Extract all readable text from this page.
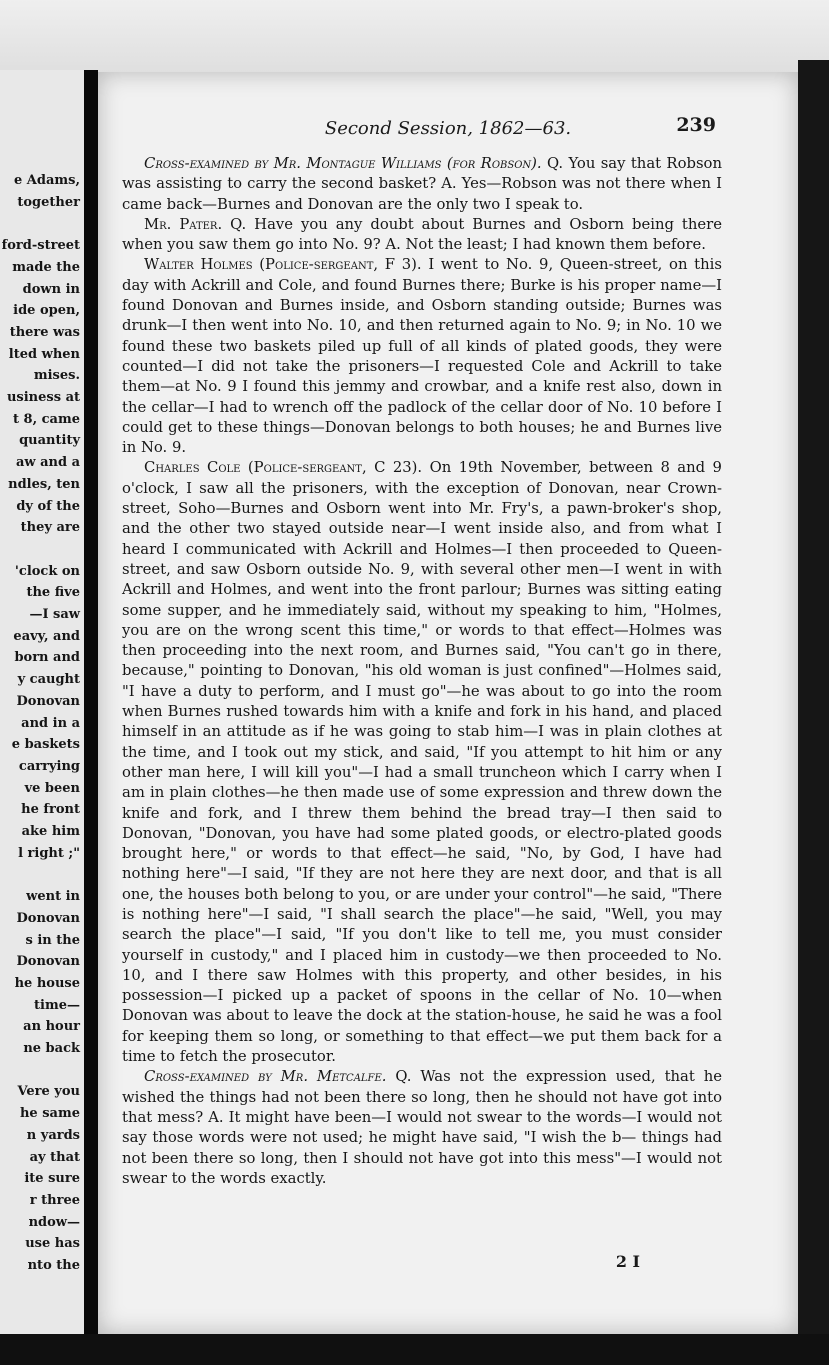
e Adams,
together
ford-street
made the
down in
ide open,
there was
lted when
mises.
usiness at
t 8, came
quantity
aw and a
ndles, ten
dy of the
they are
'clock on
the five
—I saw
eavy, and
born and
y caught
Donovan
and in a
e baskets
carrying
ve been
he front
ake him
l right ;"
went in
Donovan
s in the
Donovan
he house
time—
an hour
ne back
Vere you
he same
n yards
ay that
ite sure
r three
ndow—
use has
nto the
Second Session, 1862—63.	239

Cross-examined by Mr. Montague Williams (for Robson). Q. You say that Robson was assisting to carry the second basket? A. Yes—Robson was not there when I came back—Burnes and Donovan are the only two I speak to.

Mr. Pater. Q. Have you any doubt about Burnes and Osborn being there when you saw them go into No. 9? A. Not the least; I had known them before.

Walter Holmes (Police-sergeant, F 3). I went to No. 9, Queen-street, on this day with Ackrill and Cole, and found Burnes there; Burke is his proper name—I found Donovan and Burnes inside, and Osborn standing outside; Burnes was drunk—I then went into No. 10, and then returned again to No. 9; in No. 10 we found these two baskets piled up full of all kinds of plated goods, they were counted—I did not take the prisoners—I requested Cole and Ackrill to take them—at No. 9 I found this jemmy and crowbar, and a knife rest also, down in the cellar—I had to wrench off the padlock of the cellar door of No. 10 before I could get to these things—Donovan belongs to both houses; he and Burnes live in No. 9.

Charles Cole (Police-sergeant, C 23). On 19th November, between 8 and 9 o'clock, I saw all the prisoners, with the exception of Donovan, near Crown-street, Soho—Burnes and Osborn went into Mr. Fry's, a pawn-broker's shop, and the other two stayed outside near—I went inside also, and from what I heard I communicated with Ackrill and Holmes—I then proceeded to Queen-street, and saw Osborn outside No. 9, with several other men—I went in with Ackrill and Holmes, and went into the front parlour; Burnes was sitting eating some supper, and he immediately said, without my speaking to him, "Holmes, you are on the wrong scent this time," or words to that effect—Holmes was then proceeding into the next room, and Burnes said, "You can't go in there, because," pointing to Donovan, "his old woman is just confined"—Holmes said, "I have a duty to perform, and I must go"—he was about to go into the room when Burnes rushed towards him with a knife and fork in his hand, and placed himself in an attitude as if he was going to stab him—I was in plain clothes at the time, and I took out my stick, and said, "If you attempt to hit him or any other man here, I will kill you"—I had a small truncheon which I carry when I am in plain clothes—he then made use of some expression and threw down the knife and fork, and I threw them behind the bread tray—I then said to Donovan, "Donovan, you have had some plated goods, or electro-plated goods brought here," or words to that effect—he said, "No, by God, I have had nothing here"—I said, "If they are not here they are next door, and that is all one, the houses both belong to you, or are under your control"—he said, "There is nothing here"—I said, "I shall search the place"—he said, "Well, you may search the place"—I said, "If you don't like to tell me, you must consider yourself in custody," and I placed him in custody—we then proceeded to No. 10, and I there saw Holmes with this property, and other besides, in his possession—I picked up a packet of spoons in the cellar of No. 10—when Donovan was about to leave the dock at the station-house, he said he was a fool for keeping them so long, or something to that effect—we put them back for a time to fetch the prosecutor.

Cross-examined by Mr. Metcalfe. Q. Was not the expression used, that he wished the things had not been there so long, then he should not have got into that mess? A. It might have been—I would not swear to the words—I would not say those words were not used; he might have said, "I wish the b— things had not been there so long, then I should not have got into this mess"—I would not swear to the words exactly.

2 I
